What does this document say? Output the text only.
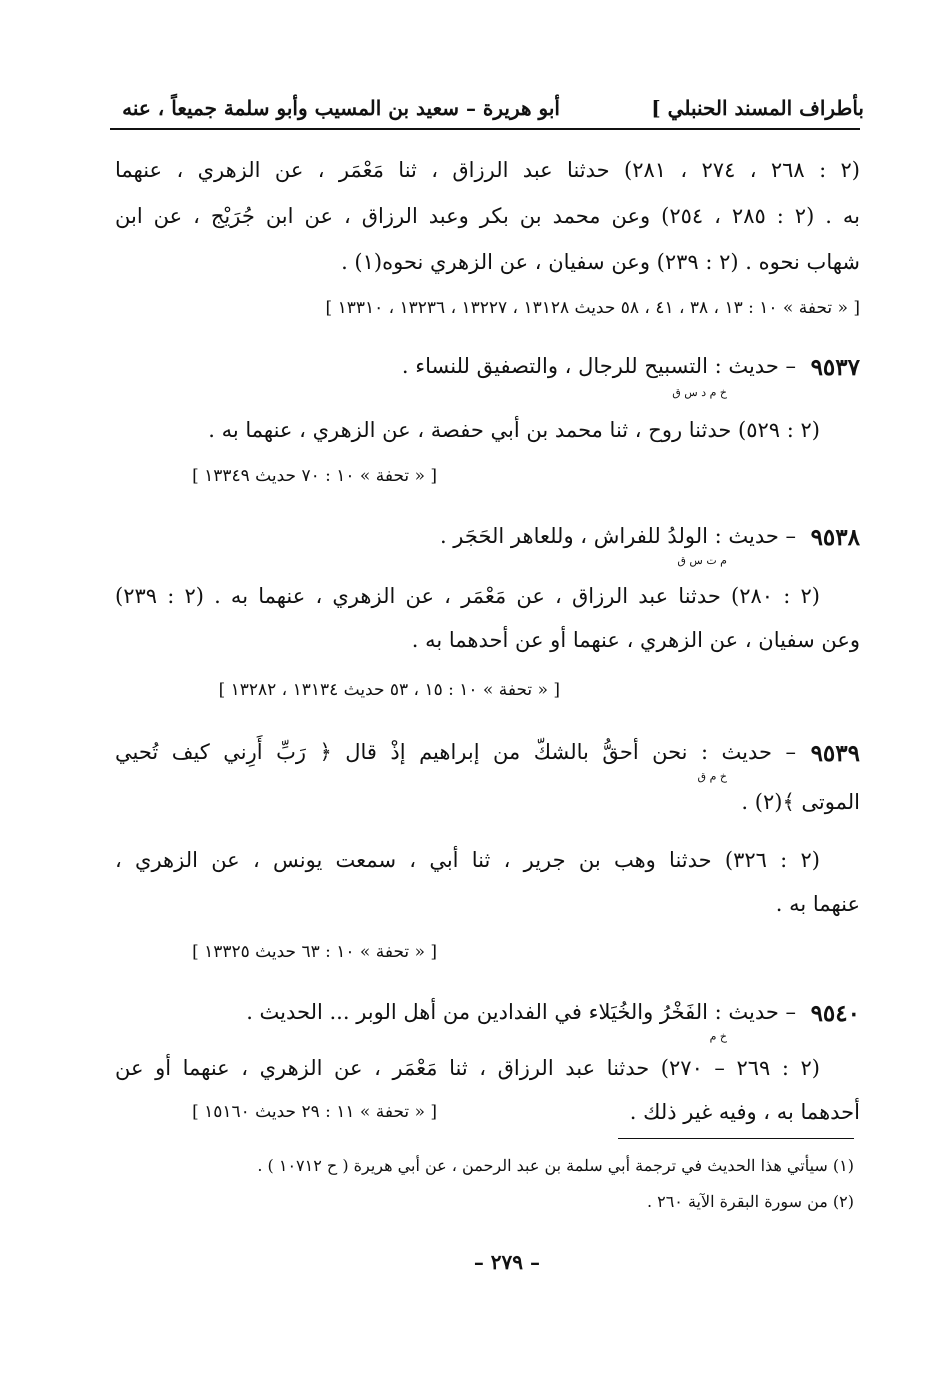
بأطراف المسند الحنبلي ]
أبو هريرة – سعيد بن المسيب وأبو سلمة جميعاً ، عنه
(٢ : ٢٦٨ ، ٢٧٤ ، ٢٨١) حدثنا عبد الرزاق ، ثنا مَعْمَر ، عن الزهري ، عنهما
به . (٢ : ٢٨٥ ، ٢٥٤) وعن محمد بن بكر وعبد الرزاق ، عن ابن جُرَيْج ، عن ابن
شهاب نحوه . (٢ : ٢٣٩) وعن سفيان ، عن الزهري نحوه(١) .
[ « تحفة » ١٠ : ١٣ ، ٣٨ ، ٤١ ، ٥٨ حديث ١٣١٢٨ ، ١٣٢٢٧ ، ١٣٢٣٦ ، ١٣٣١٠ ]
٩٥٣٧
– حديث : التسبيح للرجال ، والتصفيق للنساء .
خ م د س ق
(٢ : ٥٢٩) حدثنا روح ، ثنا محمد بن أبي حفصة ، عن الزهري ، عنهما به .
[ « تحفة » ١٠ : ٧٠ حديث ١٣٣٤٩ ]
٩٥٣٨
– حديث : الولدُ للفراش ، وللعاهر الحَجَر .
م ت س ق
(٢ : ٢٨٠) حدثنا عبد الرزاق ، عن مَعْمَر ، عن الزهري ، عنهما به . (٢ : ٢٣٩)
وعن سفيان ، عن الزهري ، عنهما أو عن أحدهما به .
[ « تحفة » ١٠ : ١٥ ، ٥٣ حديث ١٣١٣٤ ، ١٣٢٨٢ ]
٩٥٣٩
– حديث : نحن أحقُّ بالشكّ من إبراهيم إذْ قال ﴿ رَبِّ أَرِني كيف تُحيي
خ م ق
الموتى ﴾(٢) .
(٢ : ٣٢٦) حدثنا وهب بن جرير ، ثنا أبي ، سمعت يونس ، عن الزهري ،
عنهما به .
[ « تحفة » ١٠ : ٦٣ حديث ١٣٣٢٥ ]
٩٥٤٠
– حديث : الفَخْرُ والخُيَلاء في الفدادين من أهل الوبر ... الحديث .
خ م
(٢ : ٢٦٩ – ٢٧٠) حدثنا عبد الرزاق ، ثنا مَعْمَر ، عن الزهري ، عنهما أو عن
أحدهما به ، وفيه غير ذلك .
[ « تحفة » ١١ : ٢٩ حديث ١٥١٦٠ ]
(١) سيأتي هذا الحديث في ترجمة أبي سلمة بن عبد الرحمن ، عن أبي هريرة ( ح ١٠٧١٢ ) .
(٢) من سورة البقرة الآية ٢٦٠ .
– ٢٧٩ –
